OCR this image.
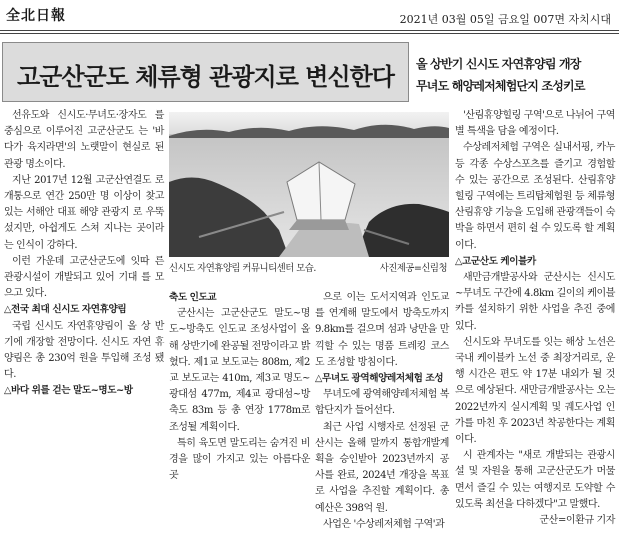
全北日報	2021년 03월 05일 금요일 007면 자치시대
고군산군도 체류형 관광지로 변신한다	올 상반기 신시도 자연휴양림 개장
무녀도 해양레저체험단지 조성키로

선유도와 신시도·무녀도·장자도 를 중심으로 이루어진 고군산군도 는 '바다가 육지라면'의 노랫말이 현실로 된 관광 명소이다.

지난 2017년 12월 고군산연결도 로 개통으로 연간 250만 명 이상이 찾고 있는 서해안 대표 해양 관광지 로 우뚝 섰지만, 아쉽게도 스쳐 지나는 곳이라는 인식이 강하다.

이런 가운데 고군산군도에 잇따 른 관광시설이 개발되고 있어 기대 를 모으고 있다.

△전국 최대 신시도 자연휴양림

국립 신시도 자연휴양림이 올 상 반기에 개장할 전망이다. 신시도 자연 휴양림은 총 230억 원을 투입해 조성 됐다.

△바다 위를 걷는 말도~명도~방

축도 인도교

군산시는 고군산군도 말도~명도~방축도 인도교 조성사업이 올해 상반기에 완공될 전망이라고 밝혔다. 제1교 보도교는 808m, 제2교 보도교는 410m, 제3교 명도~광대섬 477m, 제4교 광대섬~방축도 83m 등 총 연장 1778m로 조성될 계획이다.

특히 육도면 말도리는 숨겨진 비경을 많이 가지고 있는 아름다운 곳

으로 이는 도서지역과 인도교를 연계해 말도에서 방축도까지 9.8km를 걸으며 섬과 낭만을 만끽할 수 있는 명품 트레킹 코스도 조성할 방침이다.

△무녀도 광역해양레저체험 조성

무녀도에 광역해양레저체험 복합단지가 들어선다.

최근 사업 시행자로 선정된 군산시는 올해 말까지 통합개발계획을 승인받아 2023년까지 공사를 완료, 2024년 개장을 목표로 사업을 추진할 계획이다. 총 예산은 398억 원.

사업은 '수상레저체험 구역'과

'산림휴양힐링 구역'으로 나뉘어 구역별 특색을 담을 예정이다.

수상레저체험 구역은 실내서핑, 카누 등 각종 수상스포츠를 즐기고 경험할 수 있는 공간으로 조성된다. 산림휴양힐링 구역에는 트리탑체험원 등 체류형 산림휴양 기능을 도입해 관광객들이 숙박을 하면서 편히 쉴 수 있도록 할 계획이다.

△고군산도 케이블카

새만금개발공사와 군산시는 신시도~무녀도 구간에 4.8km 길이의 케이블카를 설치하기 위한 사업을 추진 중에 있다.

신시도와 무녀도를 잇는 해상 노선은 국내 케이블카 노선 중 최장거리로, 운행 시간은 편도 약 17분 내외가 될 것으로 예상된다. 새만금개발공사는 오는 2022년까지 실시계획 및 궤도사업 인가를 마친 후 2023년 착공한다는 계획이다.

시 관계자는 "새로 개발되는 관광시설 및 자원을 통해 고군산군도가 머물면서 즐길 수 있는 여행지로 도약할 수 있도록 최선을 다하겠다"고 말했다.

군산=이환규 기자

신시도 자연휴양림 커뮤니티센터 모습.	사진제공=신림청
